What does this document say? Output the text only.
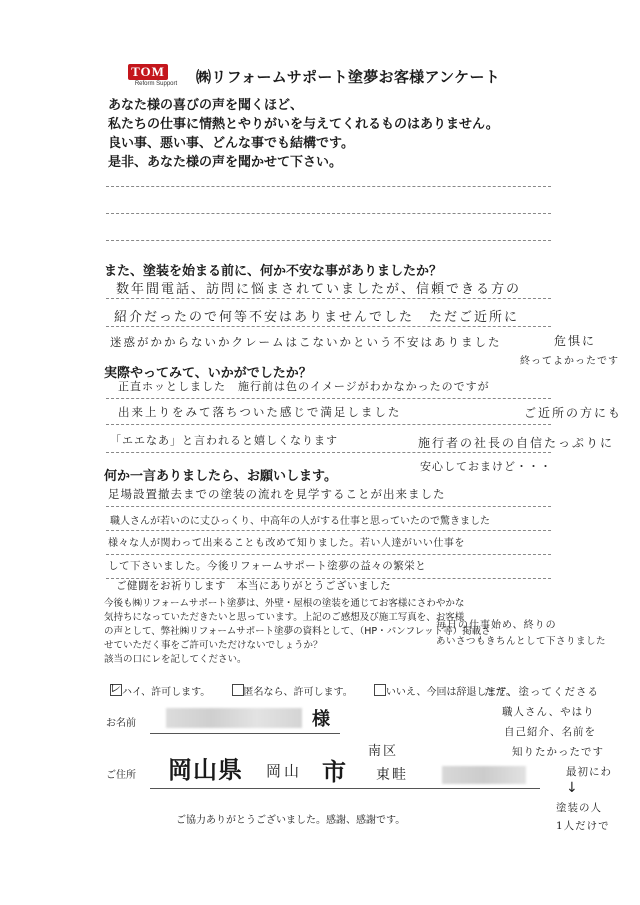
TOM
Reform Support	㈱リフォームサポート塗夢お客様アンケート
あなた様の喜びの声を聞くほど、
私たちの仕事に情熱とやりがいを与えてくれるものはありません。
良い事、悪い事、どんな事でも結構です。
是非、あなた様の声を聞かせて下さい。
また、塗装を始まる前に、何か不安な事がありましたか？
数年間電話、訪問に悩まされていましたが、信頼できる方の
紹介だったので何等不安はありませんでした　ただご近所に
迷惑がかからないかクレームはこないかという不安はありました	危惧に
終ってよかったです
実際やってみて、いかがでしたか？
正直ホッとしました　施行前は色のイメージがわかなかったのですが
出来上りをみて落ちついた感じで満足しました	ご近所の方にも
「エエなあ」と言われると嬉しくなります	施行者の社長の自信たっぷりに
安心しておまけど・・・
何か一言ありましたら、お願いします。
足場設置撤去までの塗装の流れを見学することが出来ました
職人さんが若いのに丈ひっくり、中高年の人がする仕事と思っていたので驚きました
様々な人が関わって出来ることも改めて知りました。若い人達がいい仕事を
して下さいました。今後リフォームサポート塗夢の益々の繁栄と
ご健闘をお祈りします　本当にありがとうございました
今後も㈱リフォームサポート塗夢は、外壁・屋根の塗装を通じてお客様にさわやかな
気持ちになっていただきたいと思っています。上記のご感想及び施工写真を、お客様
の声として、弊社㈱リフォームサポート塗夢の資料として、（HP・パンフレット等）掲載さ
せていただく事をご許可いただけないでしょうか？
該当の口にレを記してください。
レ ハイ、許可します。	匿名なら、許可します。	いいえ、今回は辞退します。
毎日の仕事始め、終りの
あいさつもきちんとして下さりました
ただ、塗ってくださる
職人さん、やはり
自己紹介、名前を
知りたかったです
最初にわ
↓
塗装の人
1人だけで
お名前	様
ご住所 岡山県 岡山 市
南区
東畦
ご協力ありがとうございました。感謝、感謝です。
